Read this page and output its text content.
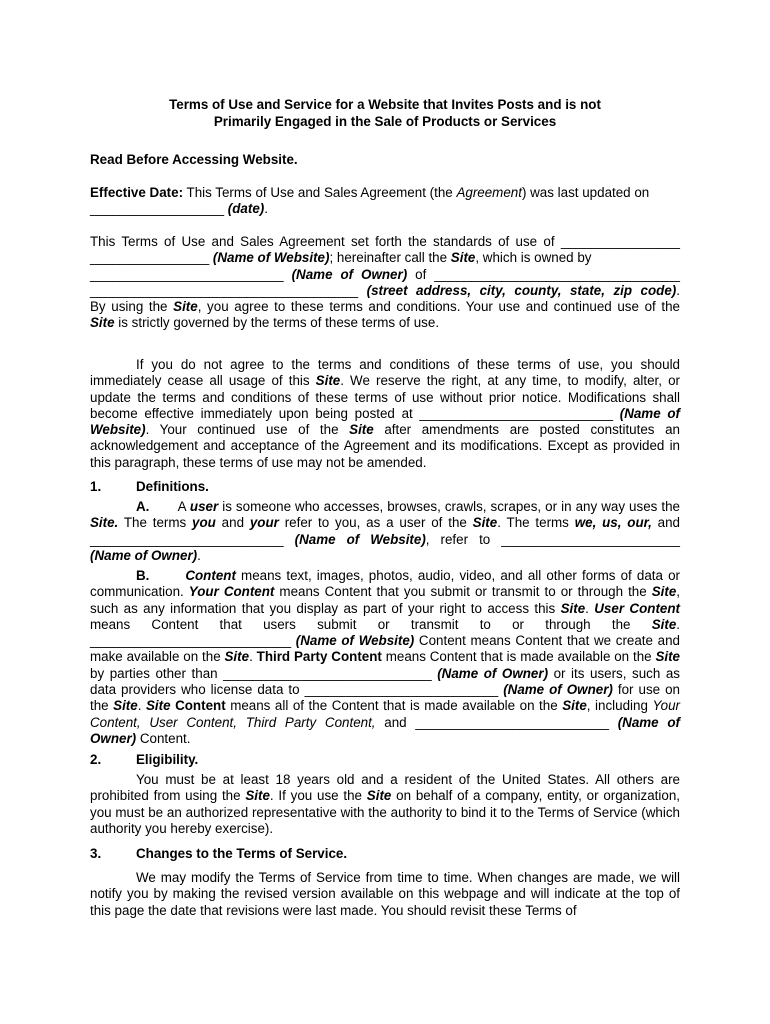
Terms of Use and Service for a Website that Invites Posts and is not
Primarily Engaged in the Sale of Products or Services
Read Before Accessing Website.

Effective Date: This Terms of Use and Sales Agreement (the Agreement) was last updated on

__________________ (date).

This Terms of Use and Sales Agreement set forth the standards of use of ________________

________________ (Name of Website); hereinafter call the Site, which is owned by

__________________________ (Name of Owner) of _________________________________

____________________________________ (street address, city, county, state, zip code).

By using the Site, you agree to these terms and conditions. Your use and continued use of the

Site is strictly governed by the terms of these terms of use.

If you do not agree to the terms and conditions of these terms of use, you should immediately cease all usage of this Site. We reserve the right, at any time, to modify, alter, or update the terms and conditions of these terms of use without prior notice. Modifications shall become effective immediately upon being posted at __________________________ (Name of Website). Your continued use of the Site after amendments are posted constitutes an acknowledgement and acceptance of the Agreement and its modifications. Except as provided in this paragraph, these terms of use may not be amended.

1.	Definitions.

A. A user is someone who accesses, browses, crawls, scrapes, or in any way uses the Site. The terms you and your refer to you, as a user of the Site. The terms we, us, our, and __________________________ (Name of Website), refer to ________________________ (Name of Owner).

B.	Content means text, images, photos, audio, video, and all other forms of data or communication. Your Content means Content that you submit or transmit to or through the Site, such as any information that you display as part of your right to access this Site. User Content means Content that users submit or transmit to or through the Site. ___________________________ (Name of Website) Content means Content that we create and make available on the Site. Third Party Content means Content that is made available on the Site by parties other than ____________________________ (Name of Owner) or its users, such as data providers who license data to __________________________ (Name of Owner) for use on the Site. Site Content means all of the Content that is made available on the Site, including Your Content, User Content, Third Party Content, and __________________________ (Name of Owner) Content.

2.	Eligibility.

You must be at least 18 years old and a resident of the United States. All others are prohibited from using the Site. If you use the Site on behalf of a company, entity, or organization, you must be an authorized representative with the authority to bind it to the Terms of Service (which authority you hereby exercise).

3.	Changes to the Terms of Service.

We may modify the Terms of Service from time to time. When changes are made, we will notify you by making the revised version available on this webpage and will indicate at the top of this page the date that revisions were last made. You should revisit these Terms of
